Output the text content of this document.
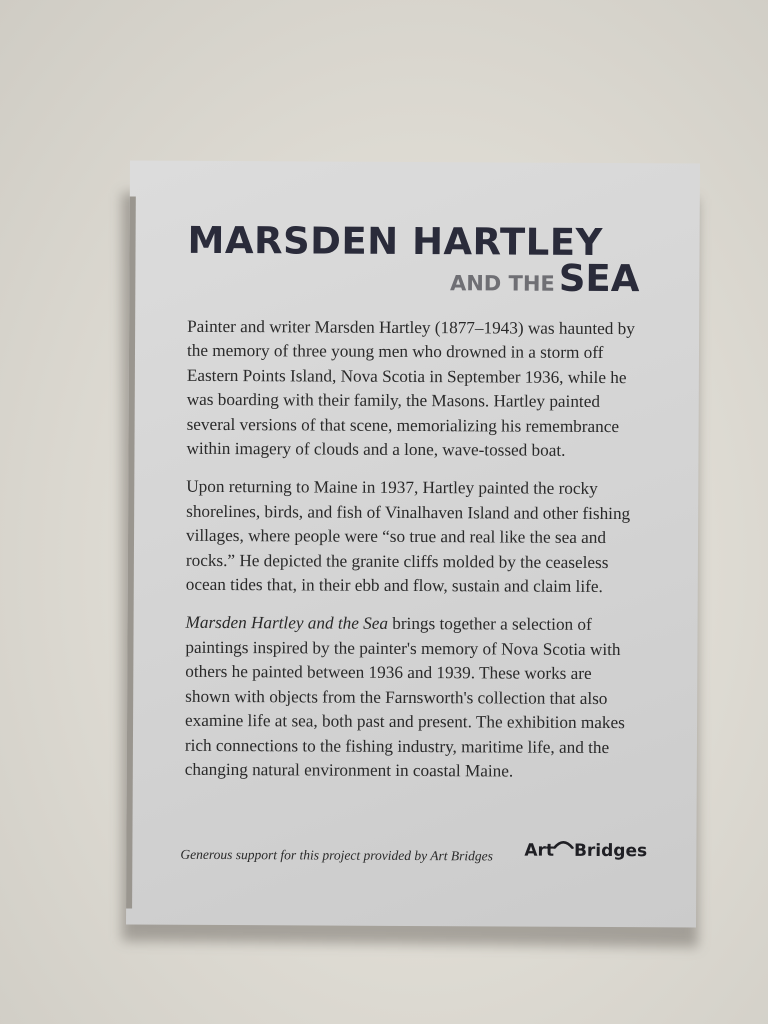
MARSDEN HARTLEY
AND THE SEA

Painter and writer Marsden Hartley (1877–1943) was haunted by the memory of three young men who drowned in a storm off Eastern Points Island, Nova Scotia in September 1936, while he was boarding with their family, the Masons. Hartley painted several versions of that scene, memorializing his remembrance within imagery of clouds and a lone, wave-tossed boat.

Upon returning to Maine in 1937, Hartley painted the rocky shorelines, birds, and fish of Vinalhaven Island and other fishing villages, where people were “so true and real like the sea and rocks.” He depicted the granite cliffs molded by the ceaseless ocean tides that, in their ebb and flow, sustain and claim life.

Marsden Hartley and the Sea brings together a selection of paintings inspired by the painter's memory of Nova Scotia with others he painted between 1936 and 1939. These works are shown with objects from the Farnsworth's collection that also examine life at sea, both past and present. The exhibition makes rich connections to the fishing industry, maritime life, and the changing natural environment in coastal Maine.

Generous support for this project provided by Art Bridges Art Bridges
